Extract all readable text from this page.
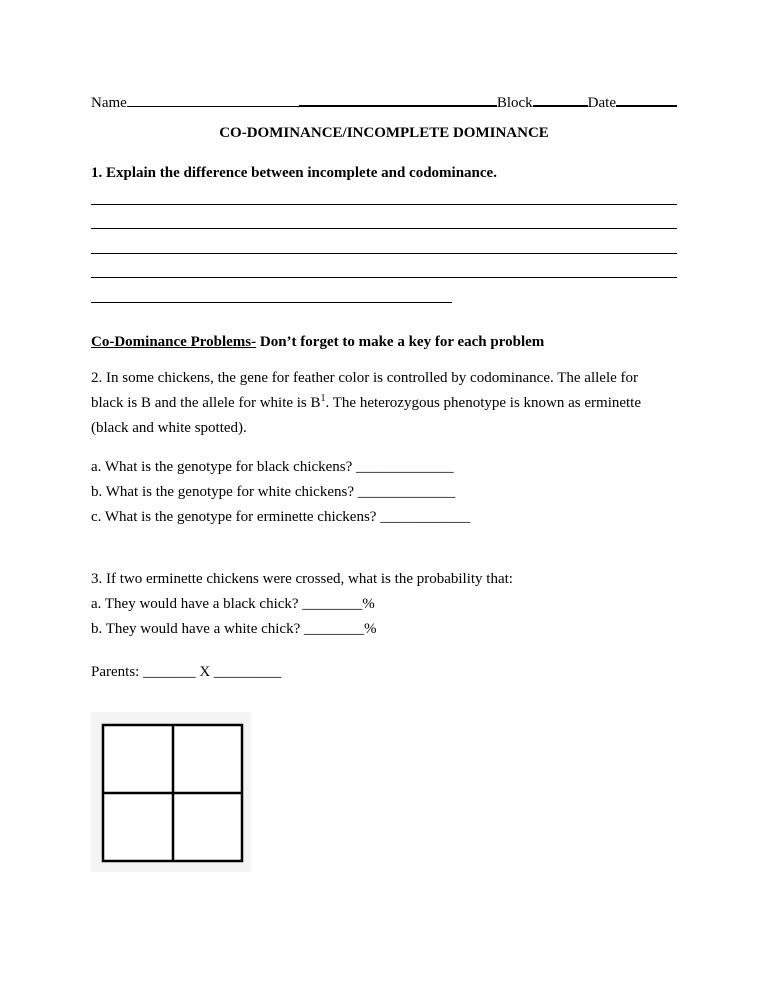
Name	Block	Date
CO-DOMINANCE/INCOMPLETE DOMINANCE
1. Explain the difference between incomplete and codominance.
Co-Dominance Problems- Don’t forget to make a key for each problem
2. In some chickens, the gene for feather color is controlled by codominance. The allele for
black is B and the allele for white is $B^1$. The heterozygous phenotype is known as erminette
(black and white spotted).
a. What is the genotype for black chickens? _____________
b. What is the genotype for white chickens? _____________
c. What is the genotype for erminette chickens? ____________
3. If two erminette chickens were crossed, what is the probability that:
a. They would have a black chick? ________%
b. They would have a white chick? ________%
Parents: _______ X _________
